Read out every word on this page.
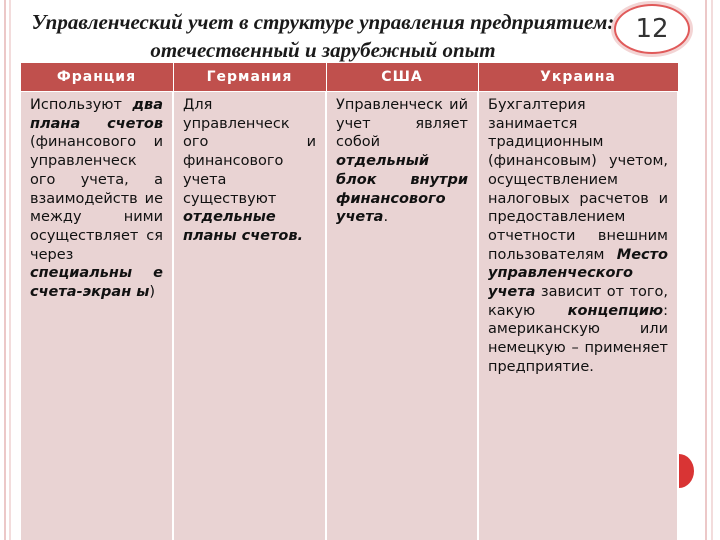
Управленческий учет в структуре управления предприятием: отечественный и зарубежный опыт
12
Франция	Германия	США	Украина
Используют два плана счетов (финансового и управленческ ого учета, а взаимодейств ие между ними осуществляет ся через специальны е счета-экран ы)	Для управленческ ого и финансового учета существуют отдельные планы счетов.	Управленческ ий учет являет собой отдельный блок внутри финансового учета.	Бухгалтерия занимается традиционным (финансовым) учетом, осуществлением налоговых расчетов и предоставлением отчетности внешним пользователям Место управленческого учета зависит от того, какую концепцию: американскую или немецкую – применяет предприятие.
